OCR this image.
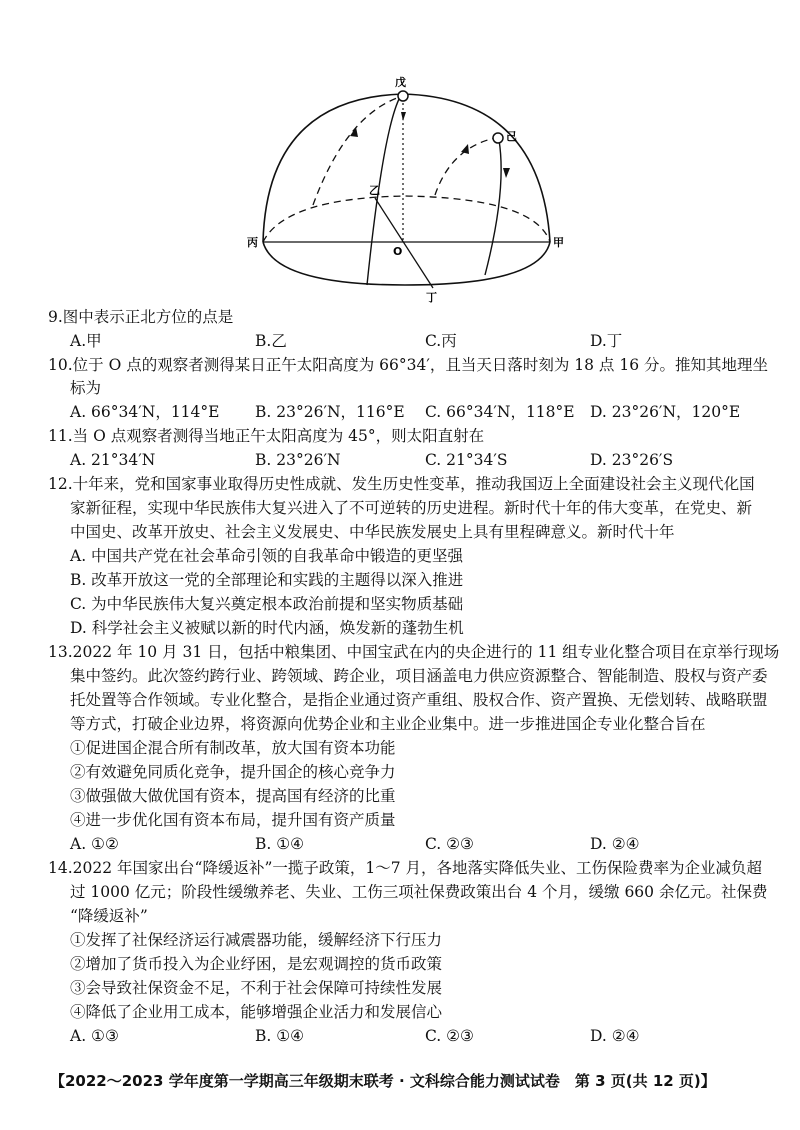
戊
己
乙
丙	甲
丁
O
9.图中表示正北方位的点是
A.甲	B.乙	C.丙	D.丁
10.位于 O 点的观察者测得某日正午太阳高度为 66°34′，且当天日落时刻为 18 点 16 分。推知其地理坐
标为
A. 66°34′N，114°E B. 23°26′N，116°E C. 66°34′N，118°E D. 23°26′N，120°E
11.当 O 点观察者测得当地正午太阳高度为 45°，则太阳直射在
A. 21°34′N	B. 23°26′N	C. 21°34′S	D. 23°26′S
12.十年来，党和国家事业取得历史性成就、发生历史性变革，推动我国迈上全面建设社会主义现代化国
家新征程，实现中华民族伟大复兴进入了不可逆转的历史进程。新时代十年的伟大变革，在党史、新
中国史、改革开放史、社会主义发展史、中华民族发展史上具有里程碑意义。新时代十年
A. 中国共产党在社会革命引领的自我革命中锻造的更坚强
B. 改革开放这一党的全部理论和实践的主题得以深入推进
C. 为中华民族伟大复兴奠定根本政治前提和坚实物质基础
D. 科学社会主义被赋以新的时代内涵，焕发新的蓬勃生机
13.2022 年 10 月 31 日，包括中粮集团、中国宝武在内的央企进行的 11 组专业化整合项目在京举行现场
集中签约。此次签约跨行业、跨领域、跨企业，项目涵盖电力供应资源整合、智能制造、股权与资产委
托处置等合作领域。专业化整合，是指企业通过资产重组、股权合作、资产置换、无偿划转、战略联盟
等方式，打破企业边界，将资源向优势企业和主业企业集中。进一步推进国企专业化整合旨在
①促进国企混合所有制改革，放大国有资本功能
②有效避免同质化竞争，提升国企的核心竞争力
③做强做大做优国有资本，提高国有经济的比重
④进一步优化国有资本布局，提升国有资产质量
A. ①②	B. ①④	C. ②③	D. ②④
14.2022 年国家出台“降缓返补”一揽子政策，1～7 月，各地落实降低失业、工伤保险费率为企业减负超
过 1000 亿元；阶段性缓缴养老、失业、工伤三项社保费政策出台 4 个月，缓缴 660 余亿元。社保费
“降缓返补”
①发挥了社保经济运行减震器功能，缓解经济下行压力
②增加了货币投入为企业纾困，是宏观调控的货币政策
③会导致社保资金不足，不利于社会保障可持续性发展
④降低了企业用工成本，能够增强企业活力和发展信心
A. ①③	B. ①④	C. ②③	D. ②④
【2022～2023 学年度第一学期高三年级期末联考 · 文科综合能力测试试卷　第 3 页(共 12 页)】
